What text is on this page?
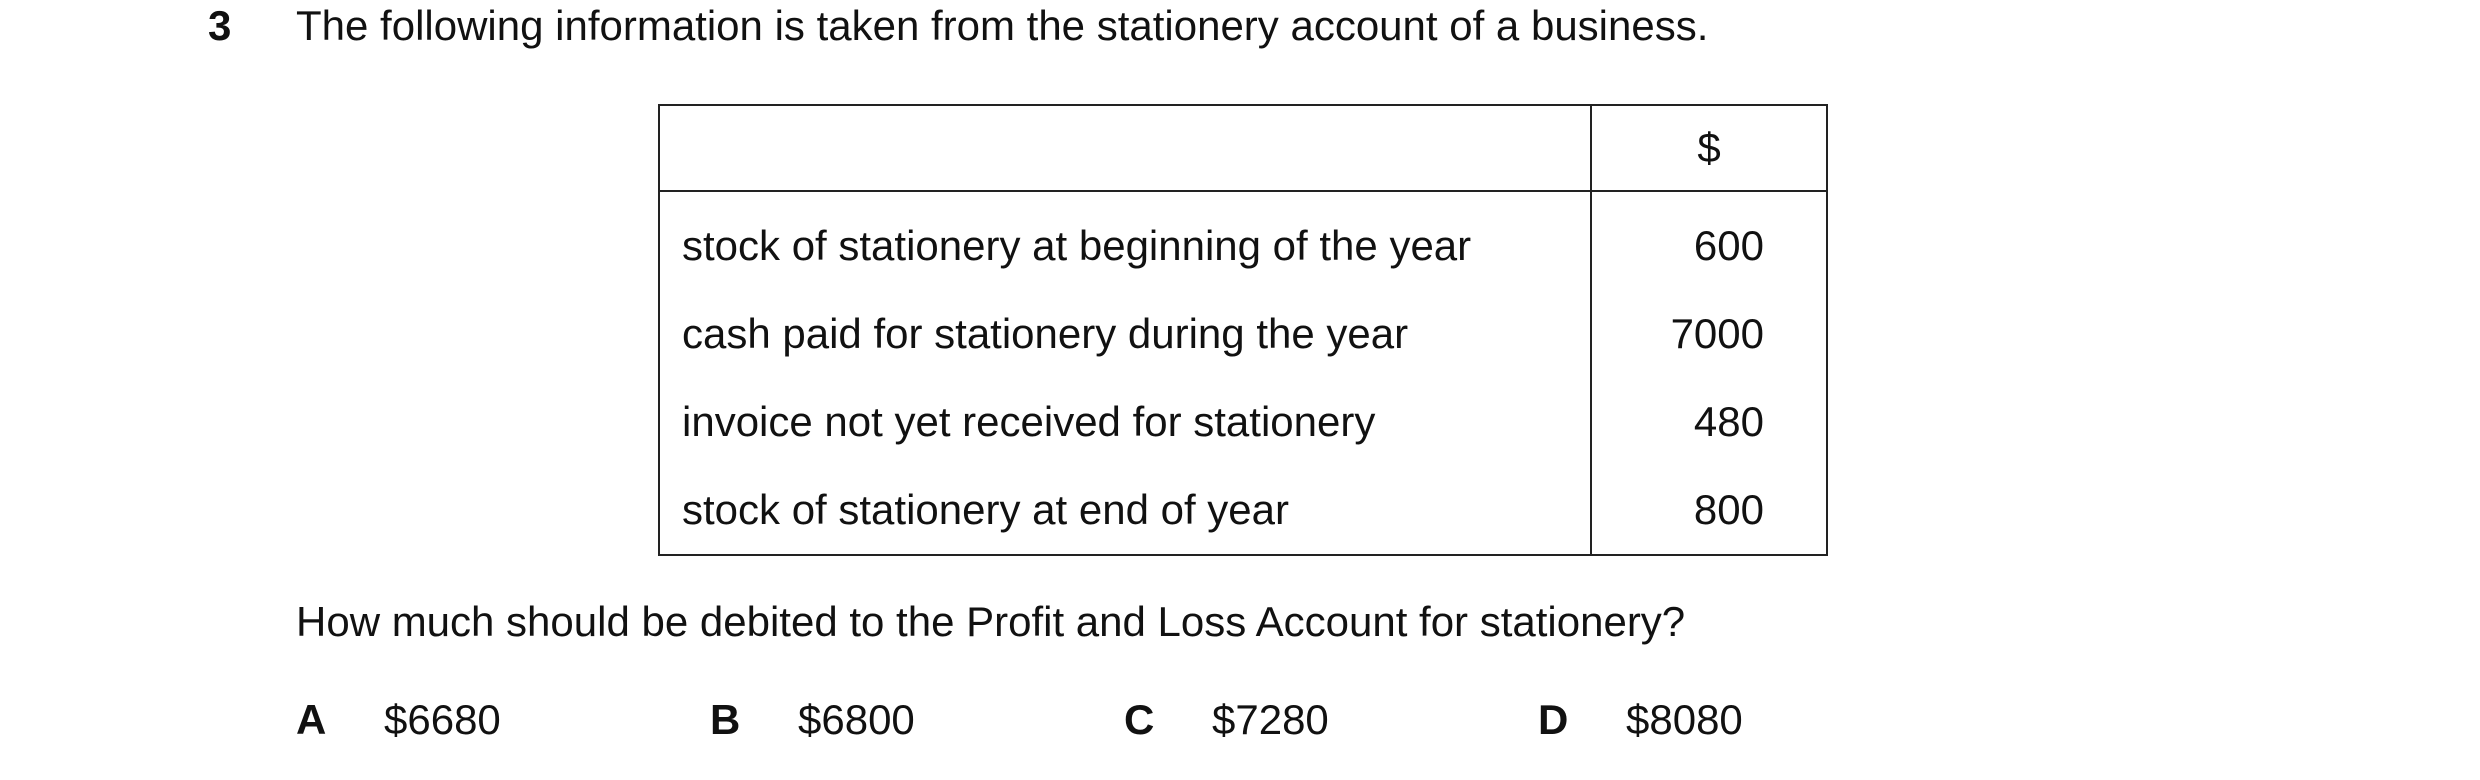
3 The following information is taken from the stationery account of a business.
	$
stock of stationery at beginning of the year	600
cash paid for stationery during the year	7000
invoice not yet received for stationery	480
stock of stationery at end of year	800
How much should be debited to the Profit and Loss Account for stationery?
A $6680	B $6800	C $7280	D $8080
